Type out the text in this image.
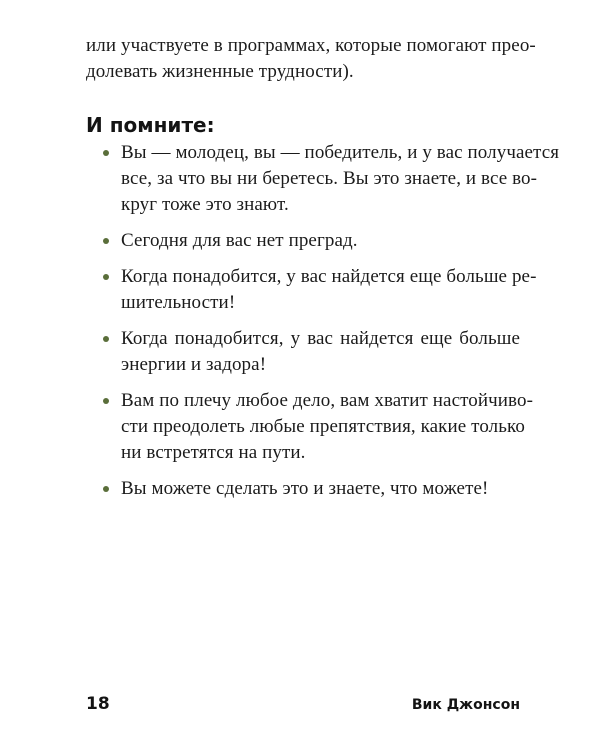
или участвуете в программах, которые помогают прео-
долевать жизненные трудности).
И помните:
Вы — молодец, вы — победитель, и у вас получается
все, за что вы ни беретесь. Вы это знаете, и все во-
круг тоже это знают.
Сегодня для вас нет преград.
Когда понадобится, у вас найдется еще больше ре-
шительности!
Когда понадобится, у вас найдется еще больше
энергии и задора!
Вам по плечу любое дело, вам хватит настойчиво-
сти преодолеть любые препятствия, какие только
ни встретятся на пути.
Вы можете сделать это и знаете, что можете!
18	Вик Джонсон
